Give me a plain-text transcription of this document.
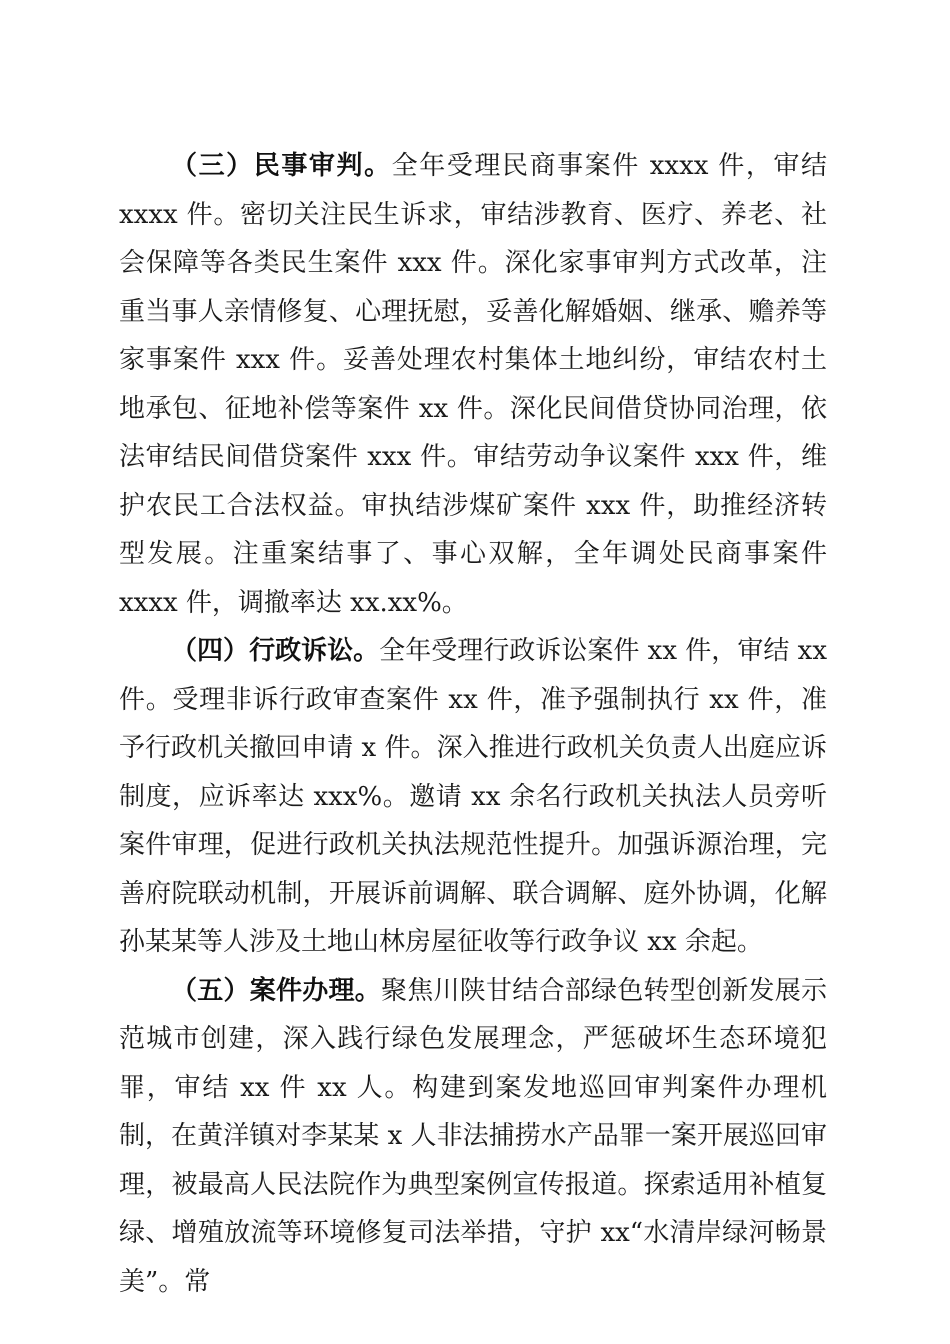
（三）民事审判。全年受理民商事案件 xxxx 件，审结 xxxx 件。密切关注民生诉求，审结涉教育、医疗、养老、社会保障等各类民生案件 xxx 件。深化家事审判方式改革，注重当事人亲情修复、心理抚慰，妥善化解婚姻、继承、赡养等家事案件 xxx 件。妥善处理农村集体土地纠纷，审结农村土地承包、征地补偿等案件 xx 件。深化民间借贷协同治理，依法审结民间借贷案件 xxx 件。审结劳动争议案件 xxx 件，维护农民工合法权益。审执结涉煤矿案件 xxx 件，助推经济转型发展。注重案结事了、事心双解，全年调处民商事案件 xxxx 件，调撤率达 xx.xx%。

（四）行政诉讼。全年受理行政诉讼案件 xx 件，审结 xx 件。受理非诉行政审查案件 xx 件，准予强制执行 xx 件，准予行政机关撤回申请 x 件。深入推进行政机关负责人出庭应诉制度，应诉率达 xxx%。邀请 xx 余名行政机关执法人员旁听案件审理，促进行政机关执法规范性提升。加强诉源治理，完善府院联动机制，开展诉前调解、联合调解、庭外协调，化解孙某某等人涉及土地山林房屋征收等行政争议 xx 余起。

（五）案件办理。聚焦川陕甘结合部绿色转型创新发展示范城市创建，深入践行绿色发展理念，严惩破坏生态环境犯罪，审结 xx 件 xx 人。构建到案发地巡回审判案件办理机制，在黄洋镇对李某某 x 人非法捕捞水产品罪一案开展巡回审理，被最高人民法院作为典型案例宣传报道。探索适用补植复绿、增殖放流等环境修复司法举措，守护 xx“水清岸绿河畅景美”。常
